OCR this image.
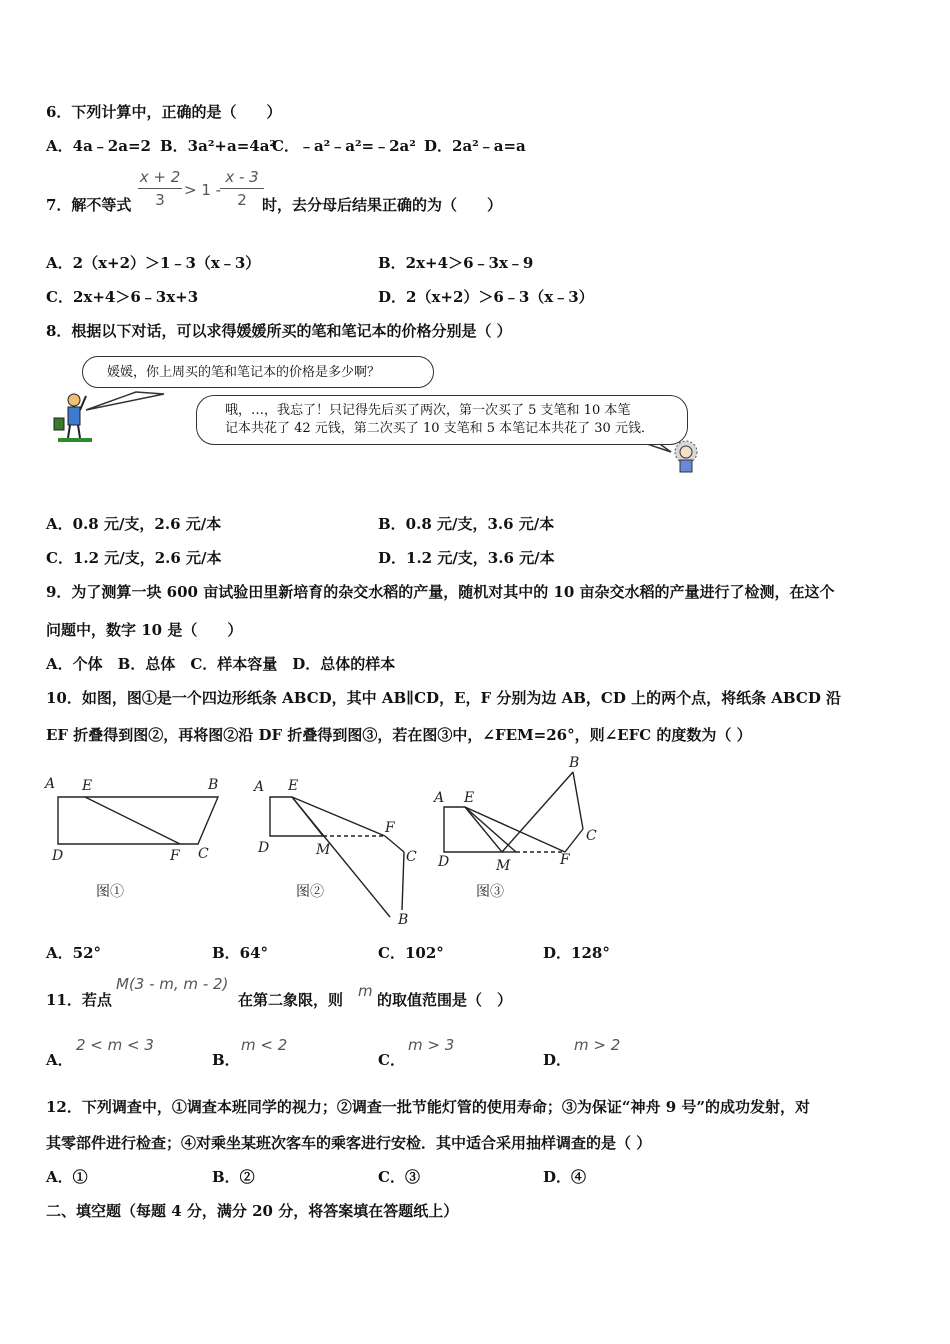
6．下列计算中，正确的是（　　）
A．4a﹣2a=2 B．3a²+a=4a²
C．﹣a²﹣a²=﹣2a² D．2a²﹣a=a
7．解不等式 $\frac{x + 2}{3} > 1$ -
$\frac{x - 3}{2}$
时，去分母后结果正确的为（　　）
A．2（x+2）＞1﹣3（x﹣3）	B．2x+4＞6﹣3x﹣9
C．2x+4＞6﹣3x+3	D．2（x+2）＞6﹣3（x﹣3）
8．根据以下对话，可以求得媛媛所买的笔和笔记本的价格分别是（ ）
媛媛，你上周买的笔和笔记本的价格是多少啊？
哦，…，我忘了！只记得先后买了两次，第一次买了 5 支笔和 10 本笔
记本共花了 42 元钱，第二次买了 10 支笔和 5 本笔记本共花了 30 元钱．
A．0.8 元/支，2.6 元/本	B．0.8 元/支，3.6 元/本
C．1.2 元/支，2.6 元/本	D．1.2 元/支，3.6 元/本
9．为了测算一块 600 亩试验田里新培育的杂交水稻的产量，随机对其中的 10 亩杂交水稻的产量进行了检测，在这个
问题中，数字 10 是（　　）
A．个体　B．总体　C．样本容量　D．总体的样本
10．如图，图①是一个四边形纸条 ABCD，其中 AB∥CD，E，F 分别为边 AB，CD 上的两个点，将纸条 ABCD 沿
EF 折叠得到图②，再将图②沿 DF 折叠得到图③，若在图③中，∠FEM=26°，则∠EFC 的度数为（ ）
A E	B
D	F C
A E
F
D	M	C
B
A E
B
C
D	M	F
图①	图②	图③
A．52°	B．64°	C．102°	D．128°
11．若点
M(3 - m, m - 2)
在第二象限，则 m 的取值范围是（　）
A．
2 < m < 3
B．
m < 2
C．
m > 3
D．
m > 2
12．下列调查中，①调查本班同学的视力；②调查一批节能灯管的使用寿命；③为保证“神舟 9 号”的成功发射，对
其零部件进行检查；④对乘坐某班次客车的乘客进行安检．其中适合采用抽样调查的是（ ）
A．①	B．②	C．③	D．④
二、填空题（每题 4 分，满分 20 分，将答案填在答题纸上）
